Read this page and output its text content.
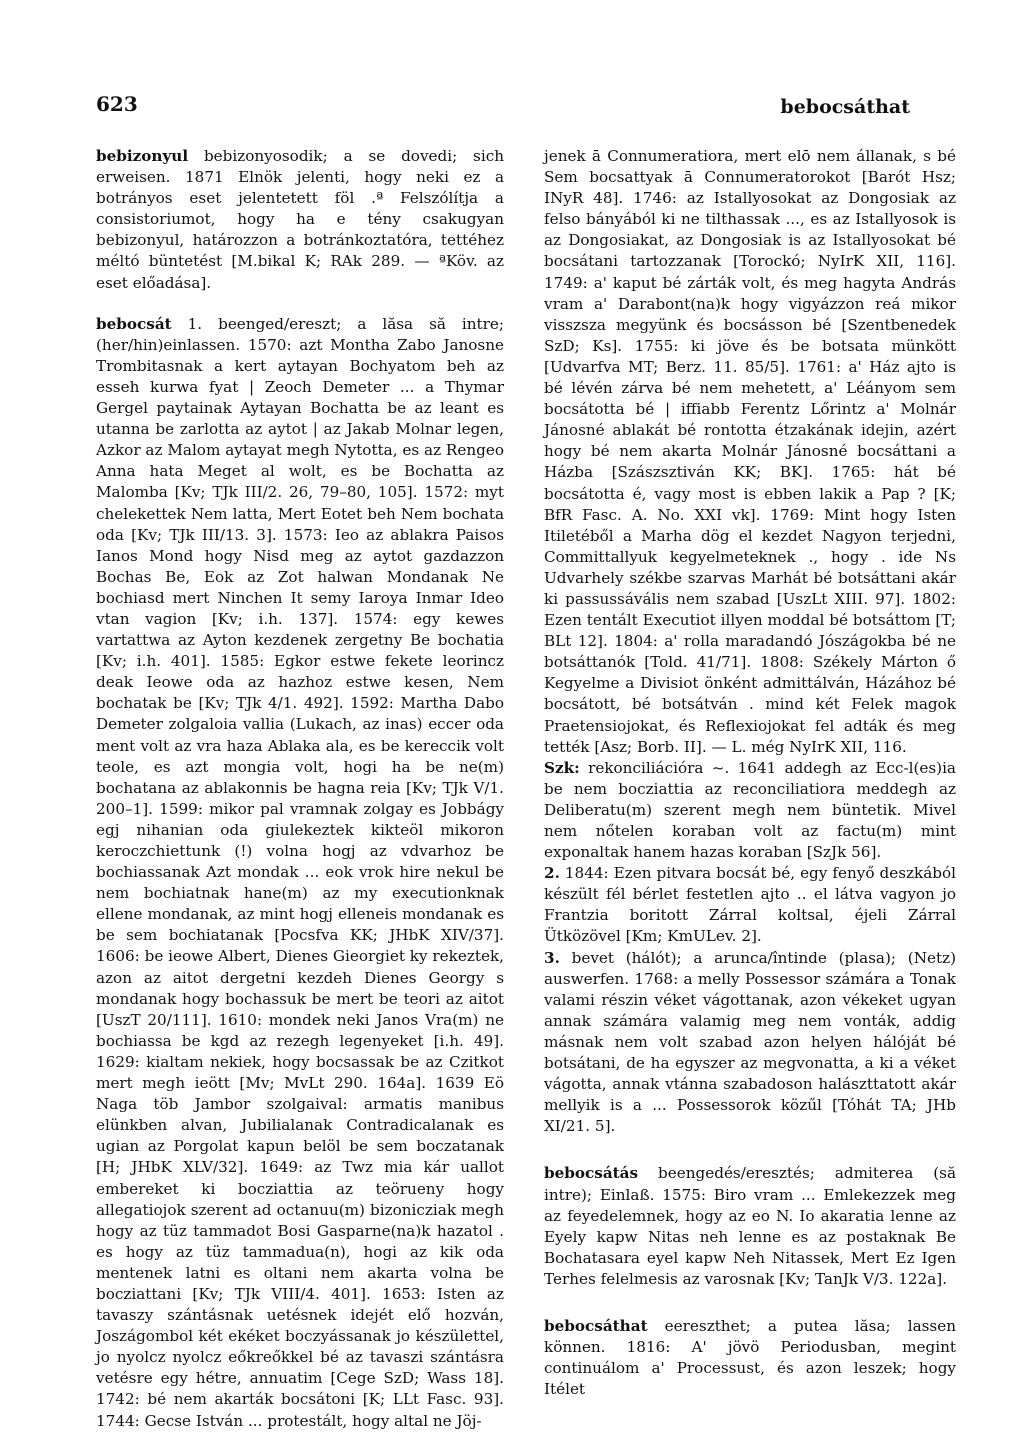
623	bebocsáthat

bebizonyul bebizonyosodik; a se dovedi; sich erweisen. 1871 Elnök jelenti, hogy neki ez a botrányos eset jelentetett föl .ª Felszólítja a consistoriumot, hogy ha e tény csakugyan bebizonyul, határozzon a botránkoztatóra, tettéhez méltó büntetést [M.bikal K; RAk 289. — ªKöv. az eset előadása].

bebocsát 1. beenged/ereszt; a lăsa să intre; (her/hin)einlassen. 1570: azt Montha Zabo Janosne Trombitasnak a kert aytayan Bochyatom beh az esseh kurwa fyat | Zeoch Demeter ... a Thymar Gergel paytainak Aytayan Bochatta be az leant es utanna be zarlotta az aytot | az Jakab Molnar legen, Azkor az Malom aytayat megh Nytotta, es az Rengeo Anna hata Meget al wolt, es be Bochatta az Malomba [Kv; TJk III/2. 26, 79–80, 105]. 1572: myt chelekettek Nem latta, Mert Eotet beh Nem bochata oda [Kv; TJk III/13. 3]. 1573: Ieo az ablakra Paisos Ianos Mond hogy Nisd meg az aytot gazdazzon Bochas Be, Eok az Zot halwan Mondanak Ne bochiasd mert Ninchen It semy Iaroya Inmar Ideo vtan vagion [Kv; i.h. 137]. 1574: egy kewes vartattwa az Ayton kezdenek zergetny Be bochatia [Kv; i.h. 401]. 1585: Egkor estwe fekete leorincz deak Ieowe oda az hazhoz estwe kesen, Nem bochatak be [Kv; TJk 4/1. 492]. 1592: Martha Dabo Demeter zolgaloia vallia (Lukach, az inas) eccer oda ment volt az vra haza Ablaka ala, es be kereccik volt teole, es azt mongia volt, hogi ha be ne(m) bochatana az ablakonnis be hagna reia [Kv; TJk V/1. 200–1]. 1599: mikor pal vramnak zolgay es Jobbágy egj nihanian oda giulekeztek kikteöl mikoron keroczchiettunk (!) volna hogj az vdvarhoz be bochiassanak Azt mondak ... eok vrok hire nekul be nem bochiatnak hane(m) az my executionknak ellene mondanak, az mint hogj elleneis mondanak es be sem bochiatanak [Pocsfva KK; JHbK XIV/37]. 1606: be ieowe Albert, Dienes Gieorgiet ky rekeztek, azon az aitot dergetni kezdeh Dienes Georgy s mondanak hogy bochassuk be mert be teori az aitot [UszT 20/111]. 1610: mondek neki Janos Vra(m) ne bochiassa be kgd az rezegh legenyeket [i.h. 49]. 1629: kialtam nekiek, hogy bocsassak be az Czitkot mert megh ieött [Mv; MvLt 290. 164a]. 1639 Eö Naga töb Jambor szolgaival: armatis manibus elünkben alvan, Jubilialanak Contradicalanak es ugian az Porgolat kapun belöl be sem boczatanak [H; JHbK XLV/32]. 1649: az Twz mia kár uallot embereket ki bocziattia az teörueny hogy allegatiojok szerent ad octanuu(m) bizonicziak megh hogy az tüz tammadot Bosi Gasparne(na)k hazatol . es hogy az tüz tammadua(n), hogi az kik oda mentenek latni es oltani nem akarta volna be bocziattani [Kv; TJk VIII/4. 401]. 1653: Isten az tavaszy szántásnak uetésnek idejét elő hozván, Joszágombol két ekéket boczyássanak jo készülettel, jo nyolcz nyolcz eőkreőkkel bé az tavaszi szántásra vetésre egy hétre, annuatim [Cege SzD; Wass 18]. 1742: bé nem akarták bocsátoni [K; LLt Fasc. 93]. 1744: Gecse István ... protestált, hogy altal ne Jöj-

jenek ā Connumeratiora, mert elō nem állanak, s bé Sem bocsattyak ā Connumeratorokot [Barót Hsz; INyR 48]. 1746: az Istallyosokat az Dongosiak az felso bányából ki ne tilthassak ..., es az Istallyosok is az Dongosiakat, az Dongosiak is az Istallyosokat bé bocsátani tartozzanak [Torockó; NyIrK XII, 116]. 1749: a' kaput bé zárták volt, és meg hagyta András vram a' Darabont(na)k hogy vigyázzon reá mikor visszsza megyünk és bocsásson bé [Szentbenedek SzD; Ks]. 1755: ki jöve és be botsata münkött [Udvarfva MT; Berz. 11. 85/5]. 1761: a' Ház ajto is bé lévén zárva bé nem mehetett, a' Léányom sem bocsátotta bé | iffiabb Ferentz Lőrintz a' Molnár Jánosné ablakát bé rontotta étzakának idejin, azért hogy bé nem akarta Molnár Jánosné bocsáttani a Házba [Szászsztiván KK; BK]. 1765: hát bé bocsátotta é, vagy most is ebben lakik a Pap ? [K; BfR Fasc. A. No. XXI vk]. 1769: Mint hogy Isten Itiletéből a Marha dög el kezdet Nagyon terjedni, Committallyuk kegyelmeteknek ., hogy . ide Ns Udvarhely székbe szarvas Marhát bé botsáttani akár ki passussávális nem szabad [UszLt XIII. 97]. 1802: Ezen tentált Executiot illyen moddal bé botsáttom [T; BLt 12]. 1804: a' rolla maradandó Jószágokba bé ne botsáttanók [Told. 41/71]. 1808: Székely Márton ő Kegyelme a Divisiot önként admittálván, Házához bé bocsátott, bé botsátván . mind két Felek magok Praetensiojokat, és Reflexiojokat fel adták és meg tették [Asz; Borb. II]. — L. még NyIrK XII, 116.
Szk: rekonciliációra ~. 1641 addegh az Ecc-l(es)ia be nem bocziattia az reconciliatiora meddegh az Deliberatu(m) szerent megh nem büntetik. Mivel nem nőtelen koraban volt az factu(m) mint exponaltak hanem hazas koraban [SzJk 56].
2. 1844: Ezen pitvara bocsát bé, egy fenyő deszkából készült fél bérlet festetlen ajto .. el látva vagyon jo Frantzia boritott Zárral koltsal, éjeli Zárral Ütközövel [Km; KmULev. 2].
3. bevet (hálót); a arunca/întinde (plasa); (Netz) auswerfen. 1768: a melly Possessor számára a Tonak valami részin véket vágottanak, azon vékeket ugyan annak számára valamig meg nem vonták, addig másnak nem volt szabad azon helyen hálóját bé botsátani, de ha egyszer az megvonatta, a ki a véket vágotta, annak vtánna szabadoson halászttatott akár mellyik is a ... Possessorok közűl [Tóhát TA; JHb XI/21. 5].

bebocsátás beengedés/eresztés; admiterea (să intre); Einlaß. 1575: Biro vram ... Emlekezzek meg az feyedelemnek, hogy az eo N. Io akaratia lenne az Eyely kapw Nitas neh lenne es az postaknak Be Bochatasara eyel kapw Neh Nitassek, Mert Ez Igen Terhes felelmesis az varosnak [Kv; TanJk V/3. 122a].

bebocsáthat eereszthet; a putea lăsa; lassen können. 1816: A' jövö Periodusban, megint continuálom a' Processust, és azon leszek; hogy Itélet
